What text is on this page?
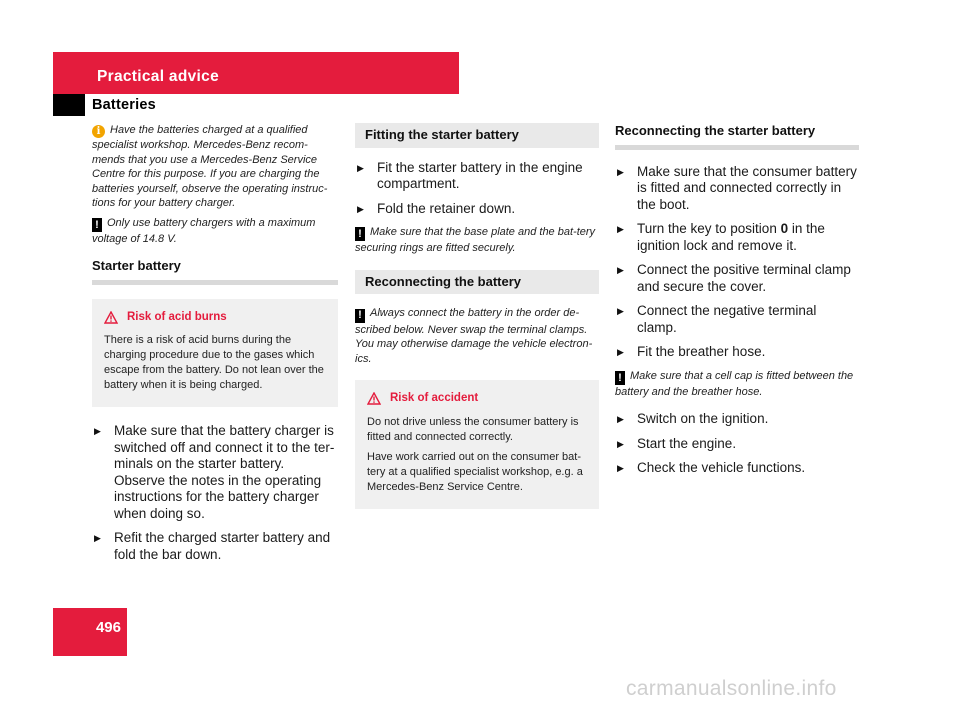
Practical advice
Batteries

i Have the batteries charged at a qualified specialist workshop. Mercedes-Benz recom-mends that you use a Mercedes-Benz Service Centre for this purpose. If you are charging the batteries yourself, observe the operating instruc-tions for your battery charger.

! Only use battery chargers with a maximum voltage of 14.8 V.

Starter battery
Risk of acid burns

There is a risk of acid burns during the charging procedure due to the gases which escape from the battery. Do not lean over the battery when it is being charged.

▶ Make sure that the battery charger is switched off and connect it to the ter-minals on the starter battery. Observe the notes in the operating instructions for the battery charger when doing so.
▶ Refit the charged starter battery and fold the bar down.
Fitting the starter battery
▶ Fit the starter battery in the engine compartment.
▶ Fold the retainer down.

! Make sure that the base plate and the bat-tery securing rings are fitted securely.

Reconnecting the battery

! Always connect the battery in the order de-scribed below. Never swap the terminal clamps. You may otherwise damage the vehicle electron-ics.

Risk of accident

Do not drive unless the consumer battery is fitted and connected correctly.

Have work carried out on the consumer bat-tery at a qualified specialist workshop, e.g. a Mercedes-Benz Service Centre.

Reconnecting the starter battery
▶ Make sure that the consumer battery is fitted and connected correctly in the boot.
▶ Turn the key to position 0 in the ignition lock and remove it.
▶ Connect the positive terminal clamp and secure the cover.
▶ Connect the negative terminal clamp.
▶ Fit the breather hose.

! Make sure that a cell cap is fitted between the battery and the breather hose.

▶ Switch on the ignition.
▶ Start the engine.
▶ Check the vehicle functions.
496
carmanualsonline.info
